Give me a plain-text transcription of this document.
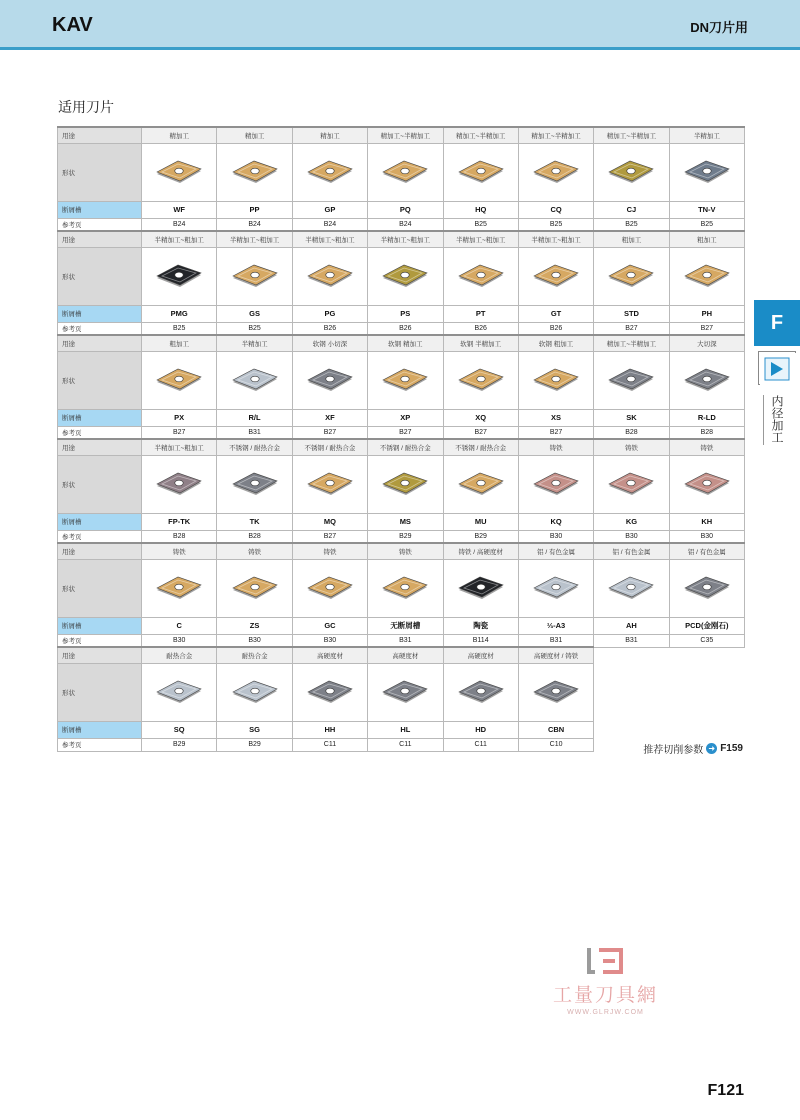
KAV	DN刀片用
适用刀片
用途	精加工	精加工	精加工	精加工~半精加工	精加工~半精加工	精加工~半精加工	精加工~半精加工	半精加工
形状	

断屑槽	WF	PP	GP	PQ	HQ	CQ	CJ	TN-V
参考页	B24	B24	B24	B24	B25	B25	B25	B25
用途	半精加工~粗加工	半精加工~粗加工	半精加工~粗加工	半精加工~粗加工	半精加工~粗加工	半精加工~粗加工	粗加工	粗加工
形状	

断屑槽	PMG	GS	PG	PS	PT	GT	STD	PH
参考页	B25	B25	B26	B26	B26	B26	B27	B27
用途	粗加工	半精加工	软钢 小切深	软钢 精加工	软钢 半精加工	软钢 粗加工	精加工~半精加工	大切深
形状	

断屑槽	PX	R/L	XF	XP	XQ	XS	SK	R-LD
参考页	B27	B31	B27	B27	B27	B27	B28	B28
用途	半精加工~粗加工	不锈钢 / 耐热合金	不锈钢 / 耐热合金	不锈钢 / 耐热合金	不锈钢 / 耐热合金	铸铁	铸铁	铸铁
形状	

断屑槽	FP-TK	TK	MQ	MS	MU	KQ	KG	KH
参考页	B28	B28	B27	B29	B29	B30	B30	B30
用途	铸铁	铸铁	铸铁	铸铁	铸铁 / 高硬度材	铝 / 有色金属	铝 / 有色金属	铝 / 有色金属
形状	

断屑槽	C	ZS	GC	无断屑槽	陶瓷	⅓-A3	AH	PCD(金刚石)
参考页	B30	B30	B30	B31	B114	B31	B31	C35
用途	耐热合金	耐热合金	高硬度材	高硬度材	高硬度材	高硬度材 / 铸铁		
形状	

断屑槽	SQ	SG	HH	HL	HD	CBN		
参考页	B29	B29	C11	C11	C11	C10		
F
内径加工
推荐切削参数 ➜ F159
工量刀具網
WWW.GLRJW.COM
F121
